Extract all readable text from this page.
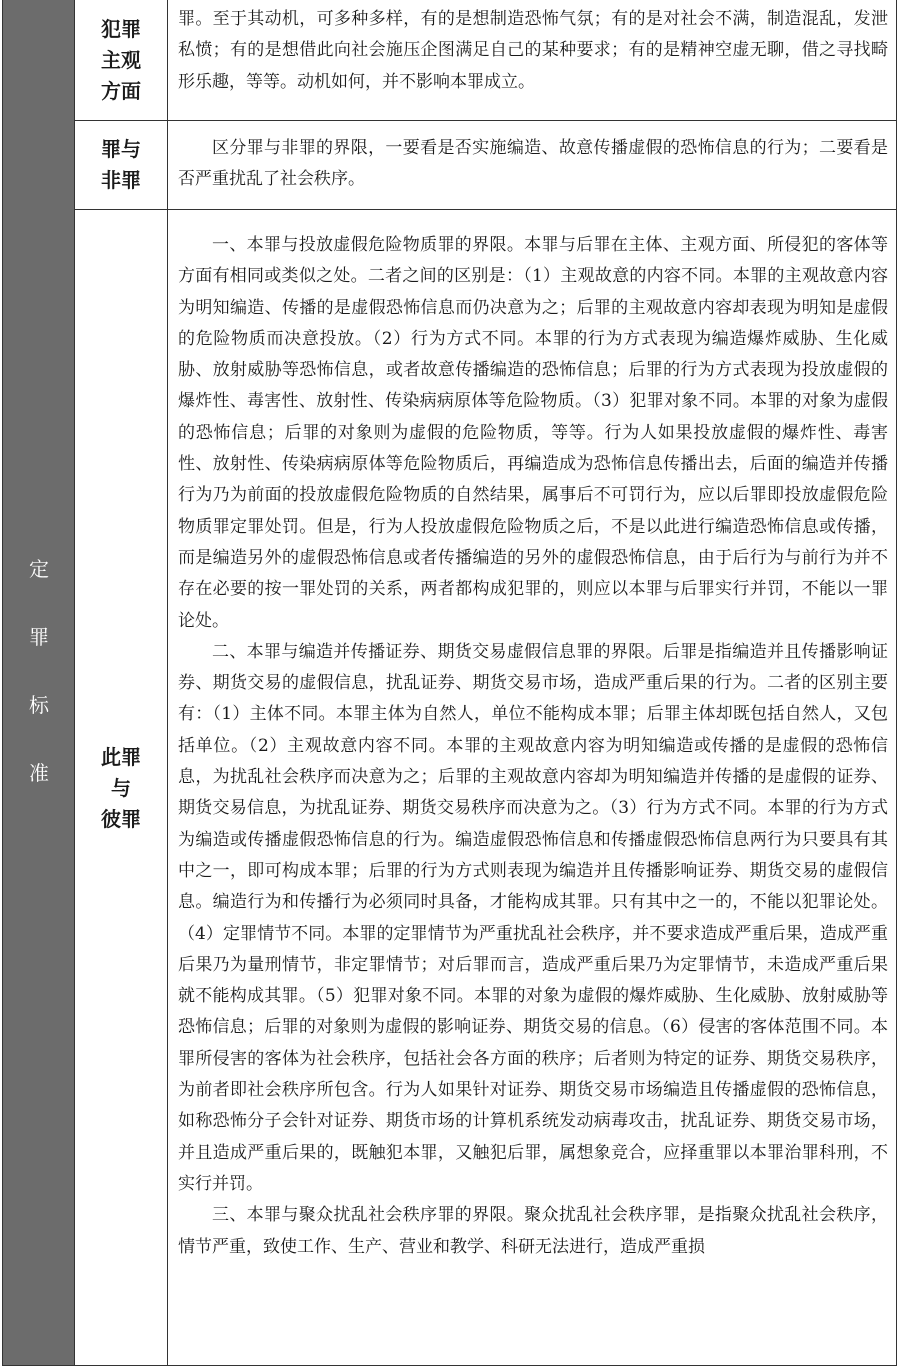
定
罪
标
准
犯罪
主观
方面

罪。至于其动机，可多种多样，有的是想制造恐怖气氛；有的是对社会不满，制造混乱，发泄私愤；有的是想借此向社会施压企图满足自己的某种要求；有的是精神空虚无聊，借之寻找畸形乐趣，等等。动机如何，并不影响本罪成立。

罪与
非罪

区分罪与非罪的界限，一要看是否实施编造、故意传播虚假的恐怖信息的行为；二要看是否严重扰乱了社会秩序。

此罪
与
彼罪

一、本罪与投放虚假危险物质罪的界限。本罪与后罪在主体、主观方面、所侵犯的客体等方面有相同或类似之处。二者之间的区别是：（1）主观故意的内容不同。本罪的主观故意内容为明知编造、传播的是虚假恐怖信息而仍决意为之；后罪的主观故意内容却表现为明知是虚假的危险物质而决意投放。（2）行为方式不同。本罪的行为方式表现为编造爆炸威胁、生化威胁、放射威胁等恐怖信息，或者故意传播编造的恐怖信息；后罪的行为方式表现为投放虚假的爆炸性、毒害性、放射性、传染病病原体等危险物质。（3）犯罪对象不同。本罪的对象为虚假的恐怖信息；后罪的对象则为虚假的危险物质，等等。行为人如果投放虚假的爆炸性、毒害性、放射性、传染病病原体等危险物质后，再编造成为恐怖信息传播出去，后面的编造并传播行为乃为前面的投放虚假危险物质的自然结果，属事后不可罚行为，应以后罪即投放虚假危险物质罪定罪处罚。但是，行为人投放虚假危险物质之后，不是以此进行编造恐怖信息或传播，而是编造另外的虚假恐怖信息或者传播编造的另外的虚假恐怖信息，由于后行为与前行为并不存在必要的按一罪处罚的关系，两者都构成犯罪的，则应以本罪与后罪实行并罚，不能以一罪论处。

二、本罪与编造并传播证券、期货交易虚假信息罪的界限。后罪是指编造并且传播影响证券、期货交易的虚假信息，扰乱证券、期货交易市场，造成严重后果的行为。二者的区别主要有：（1）主体不同。本罪主体为自然人，单位不能构成本罪；后罪主体却既包括自然人，又包括单位。（2）主观故意内容不同。本罪的主观故意内容为明知编造或传播的是虚假的恐怖信息，为扰乱社会秩序而决意为之；后罪的主观故意内容却为明知编造并传播的是虚假的证券、期货交易信息，为扰乱证券、期货交易秩序而决意为之。（3）行为方式不同。本罪的行为方式为编造或传播虚假恐怖信息的行为。编造虚假恐怖信息和传播虚假恐怖信息两行为只要具有其中之一，即可构成本罪；后罪的行为方式则表现为编造并且传播影响证券、期货交易的虚假信息。编造行为和传播行为必须同时具备，才能构成其罪。只有其中之一的，不能以犯罪论处。（4）定罪情节不同。本罪的定罪情节为严重扰乱社会秩序，并不要求造成严重后果，造成严重后果乃为量刑情节，非定罪情节；对后罪而言，造成严重后果乃为定罪情节，未造成严重后果就不能构成其罪。（5）犯罪对象不同。本罪的对象为虚假的爆炸威胁、生化威胁、放射威胁等恐怖信息；后罪的对象则为虚假的影响证券、期货交易的信息。（6）侵害的客体范围不同。本罪所侵害的客体为社会秩序，包括社会各方面的秩序；后者则为特定的证券、期货交易秩序，为前者即社会秩序所包含。行为人如果针对证券、期货交易市场编造且传播虚假的恐怖信息，如称恐怖分子会针对证券、期货市场的计算机系统发动病毒攻击，扰乱证券、期货交易市场，并且造成严重后果的，既触犯本罪，又触犯后罪，属想象竞合，应择重罪以本罪治罪科刑，不实行并罚。

三、本罪与聚众扰乱社会秩序罪的界限。聚众扰乱社会秩序罪，是指聚众扰乱社会秩序，情节严重，致使工作、生产、营业和教学、科研无法进行，造成严重损
